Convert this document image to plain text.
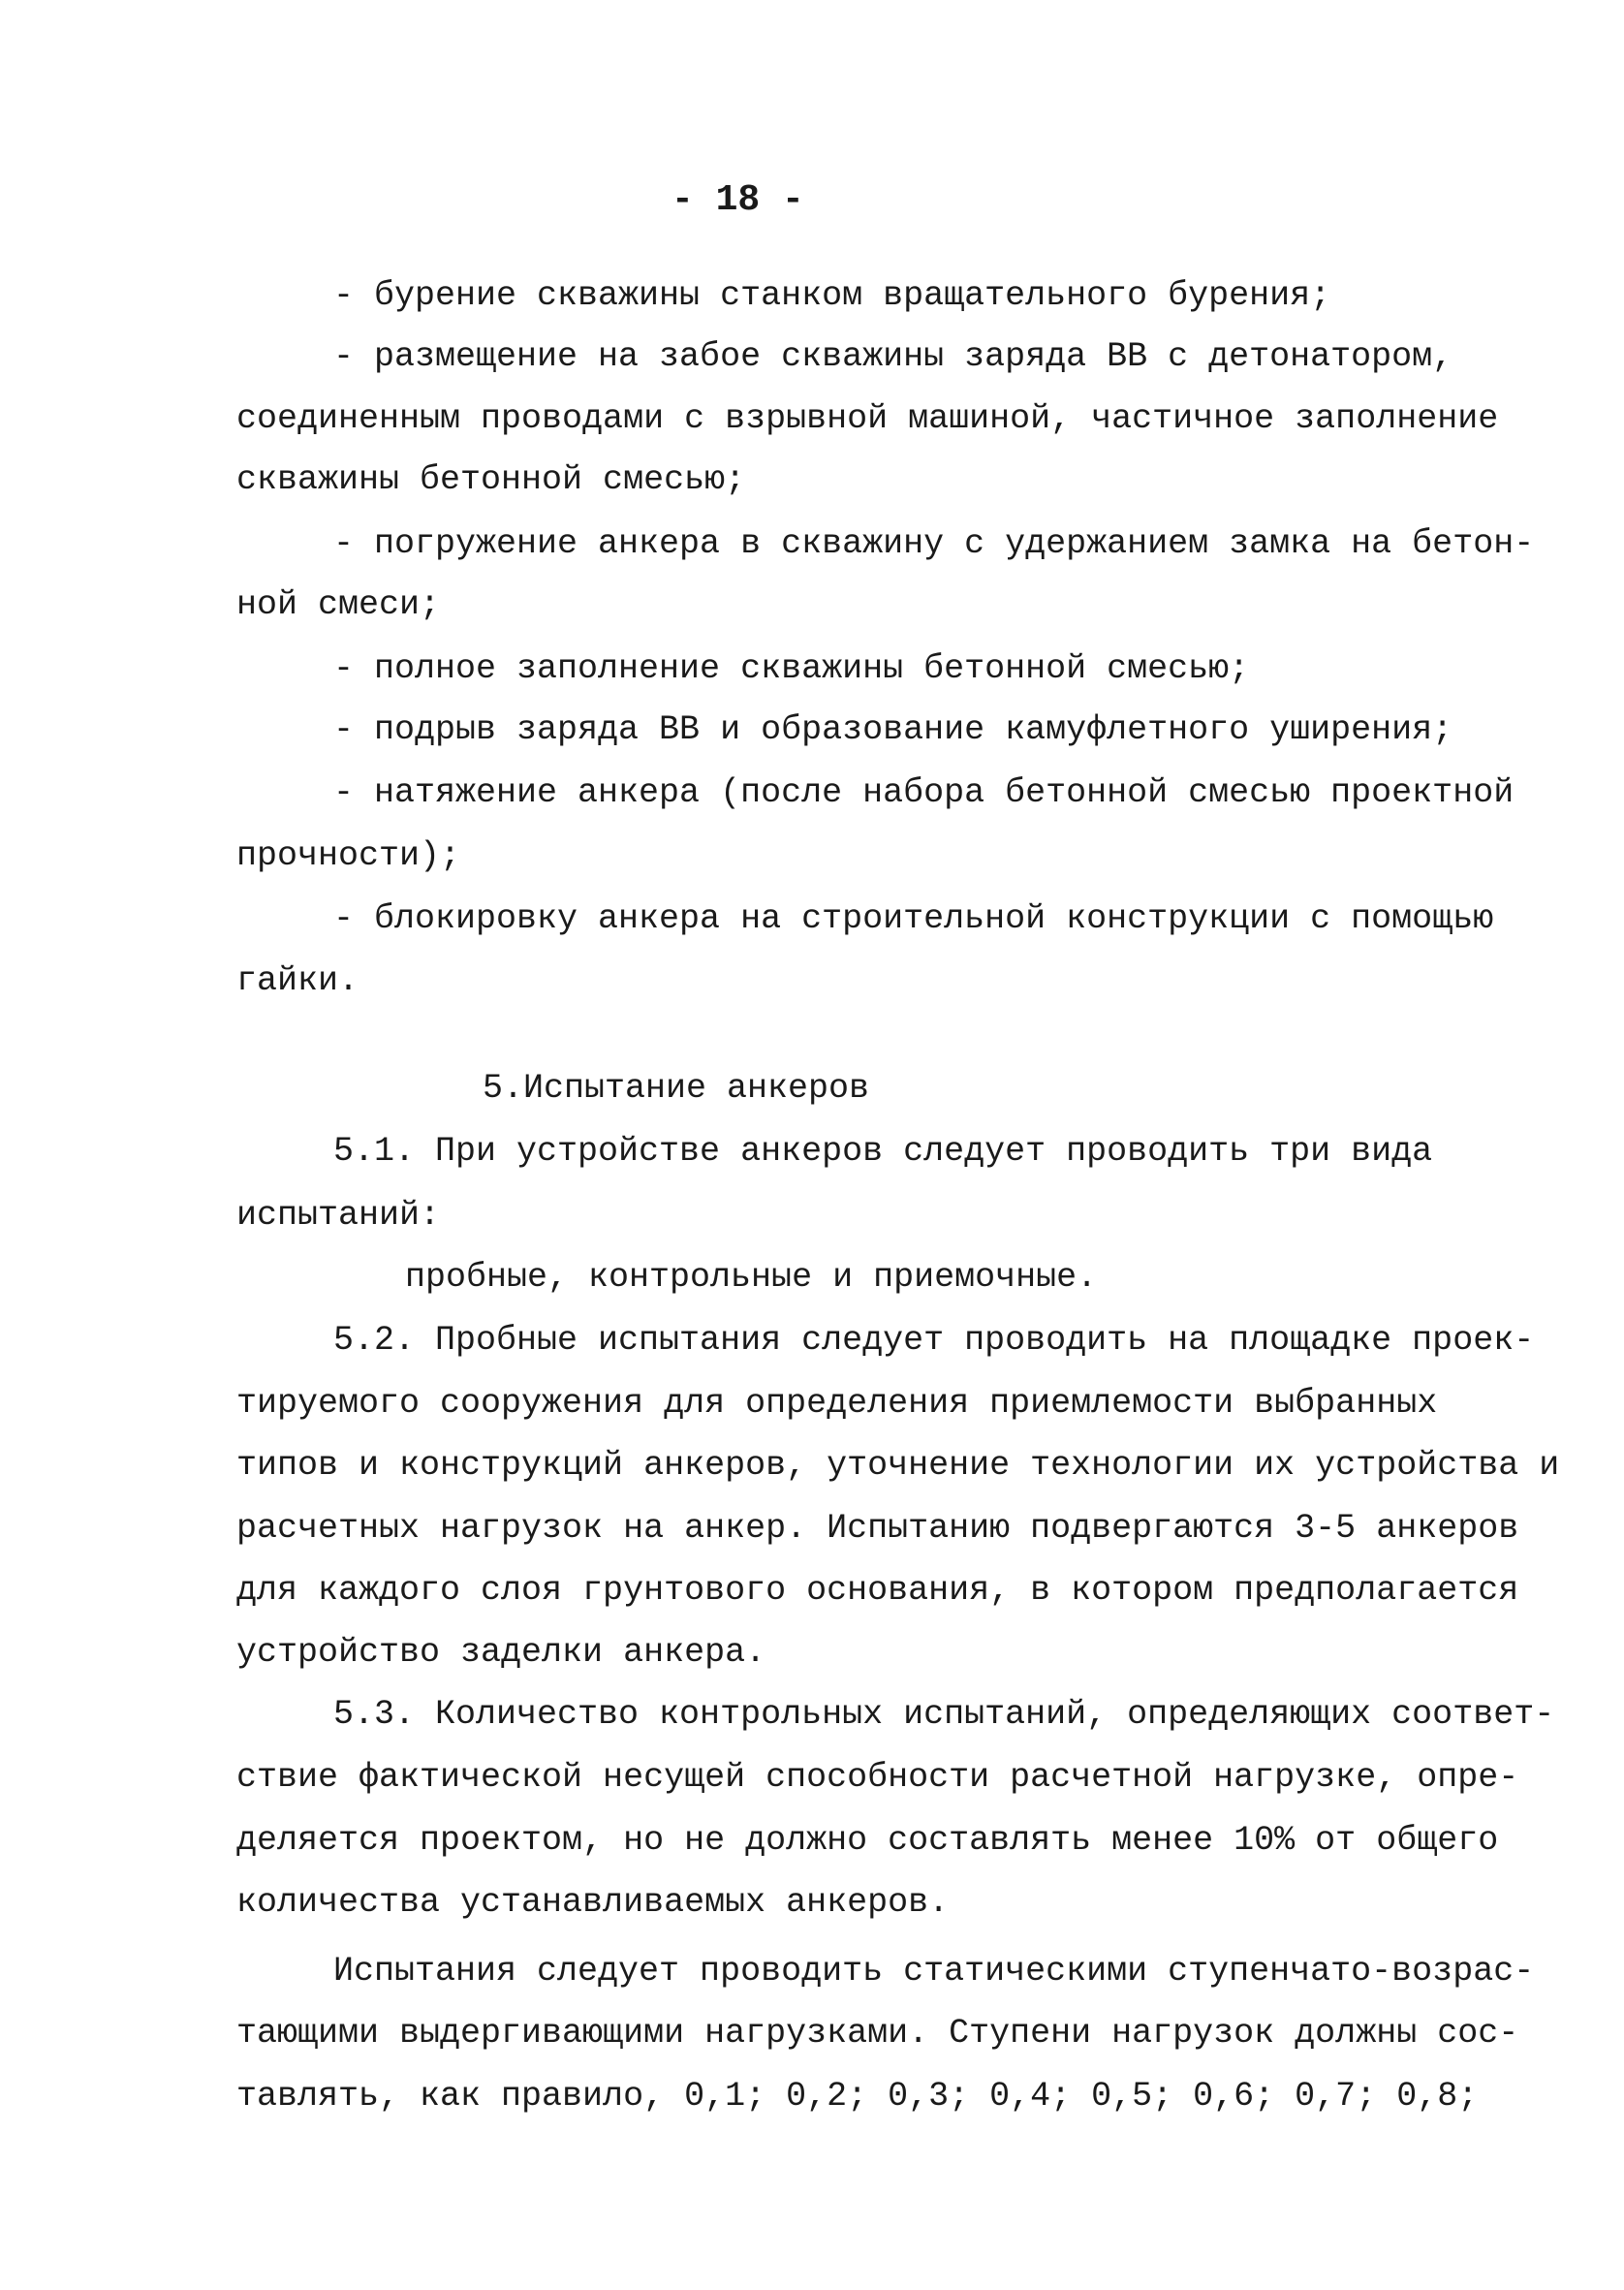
- 18 -
- бурение скважины станком вращательного бурения;
- размещение на забое скважины заряда ВВ с детонатором,
соединенным проводами с взрывной машиной, частичное заполнение
скважины бетонной смесью;
- погружение анкера в скважину с удержанием замка на бетон-
ной смеси;
- полное заполнение скважины бетонной смесью;
- подрыв заряда ВВ и образование камуфлетного уширения;
- натяжение анкера (после набора бетонной смесью проектной
прочности);
- блокировку анкера на строительной конструкции с помощью
гайки.
5.Испытание анкеров
5.1. При устройстве анкеров следует проводить три вида
испытаний:
пробные, контрольные и приемочные.
5.2. Пробные испытания следует проводить на площадке проек-
тируемого сооружения для определения приемлемости выбранных
типов и конструкций анкеров, уточнение технологии их устройства и
расчетных нагрузок на анкер. Испытанию подвергаются 3-5 анкеров
для каждого слоя грунтового основания, в котором предполагается
устройство заделки анкера.
5.3. Количество контрольных испытаний, определяющих соответ-
ствие фактической несущей способности расчетной нагрузке, опре-
деляется проектом, но не должно составлять менее 10% от общего
количества устанавливаемых анкеров.
Испытания следует проводить статическими ступенчато-возрас-
тающими выдергивающими нагрузками. Ступени нагрузок должны сос-
тавлять, как правило, 0,1; 0,2; 0,3; 0,4; 0,5; 0,6; 0,7; 0,8;
